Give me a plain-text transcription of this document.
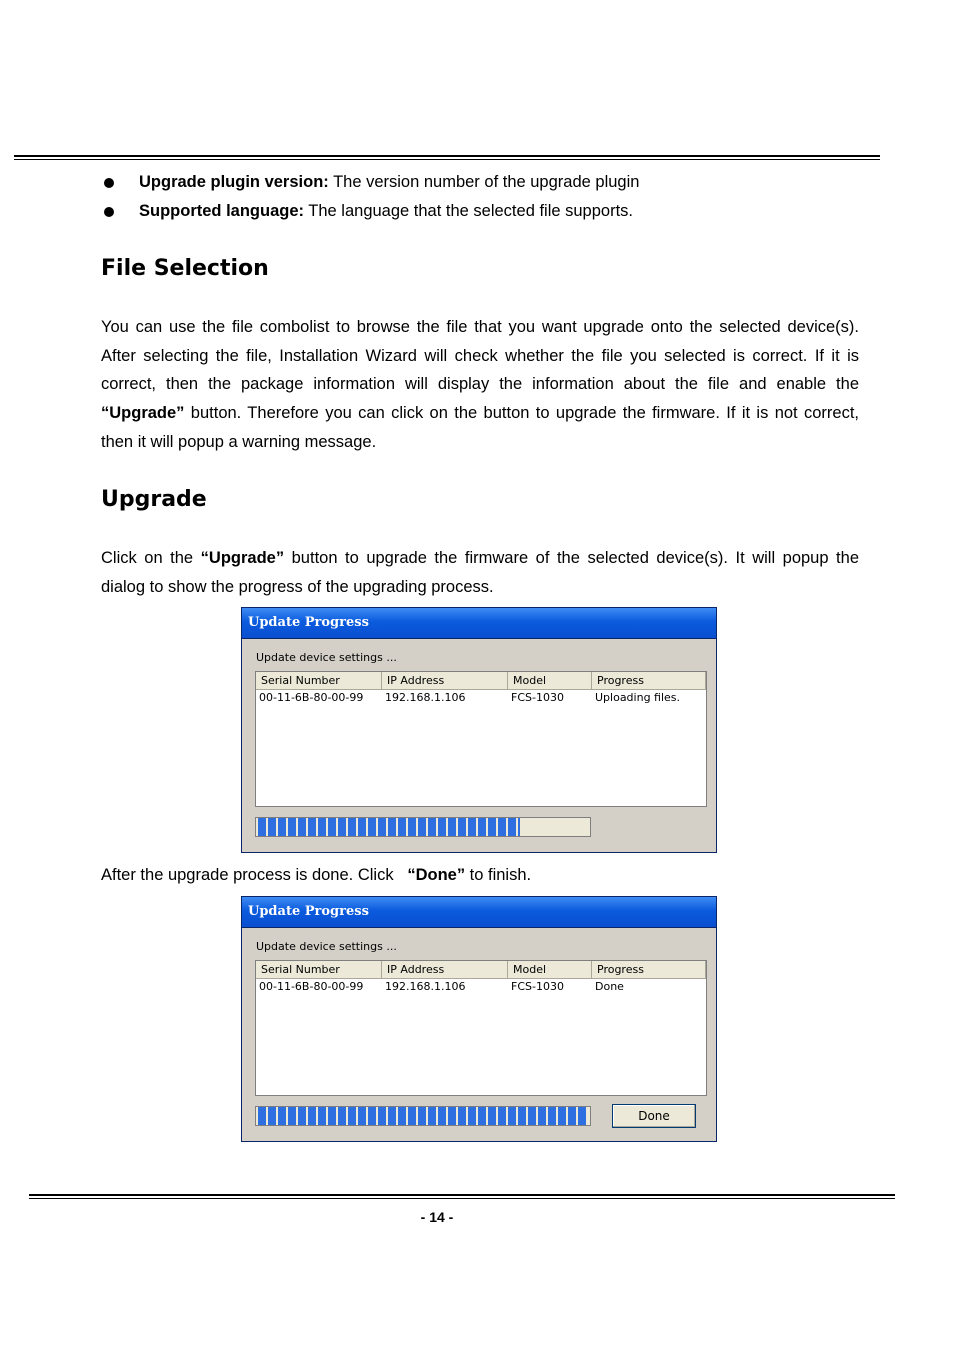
Upgrade plugin version: The version number of the upgrade plugin
Supported language: The language that the selected file supports.
File Selection

You can use the file combolist to browse the file that you want upgrade onto the selected device(s). After selecting the file, Installation Wizard will check whether the file you selected is correct. If it is correct, then the package information will display the information about the file and enable the “Upgrade” button. Therefore you can click on the button to upgrade the firmware. If it is not correct, then it will popup a warning message.

Upgrade

Click on the “Upgrade” button to upgrade the firmware of the selected device(s). It will popup the dialog to show the progress of the upgrading process.

Update Progress
Update device settings ...
Serial Number	IP Address	Model	Progress
00-11-6B-80-00-99	192.168.1.106	FCS-1030	Uploading files.
After the upgrade process is done. Click   “Done” to finish.
Update Progress
Update device settings ...
Serial Number	IP Address	Model	Progress
00-11-6B-80-00-99	192.168.1.106	FCS-1030	Done
Done
- 14 -
